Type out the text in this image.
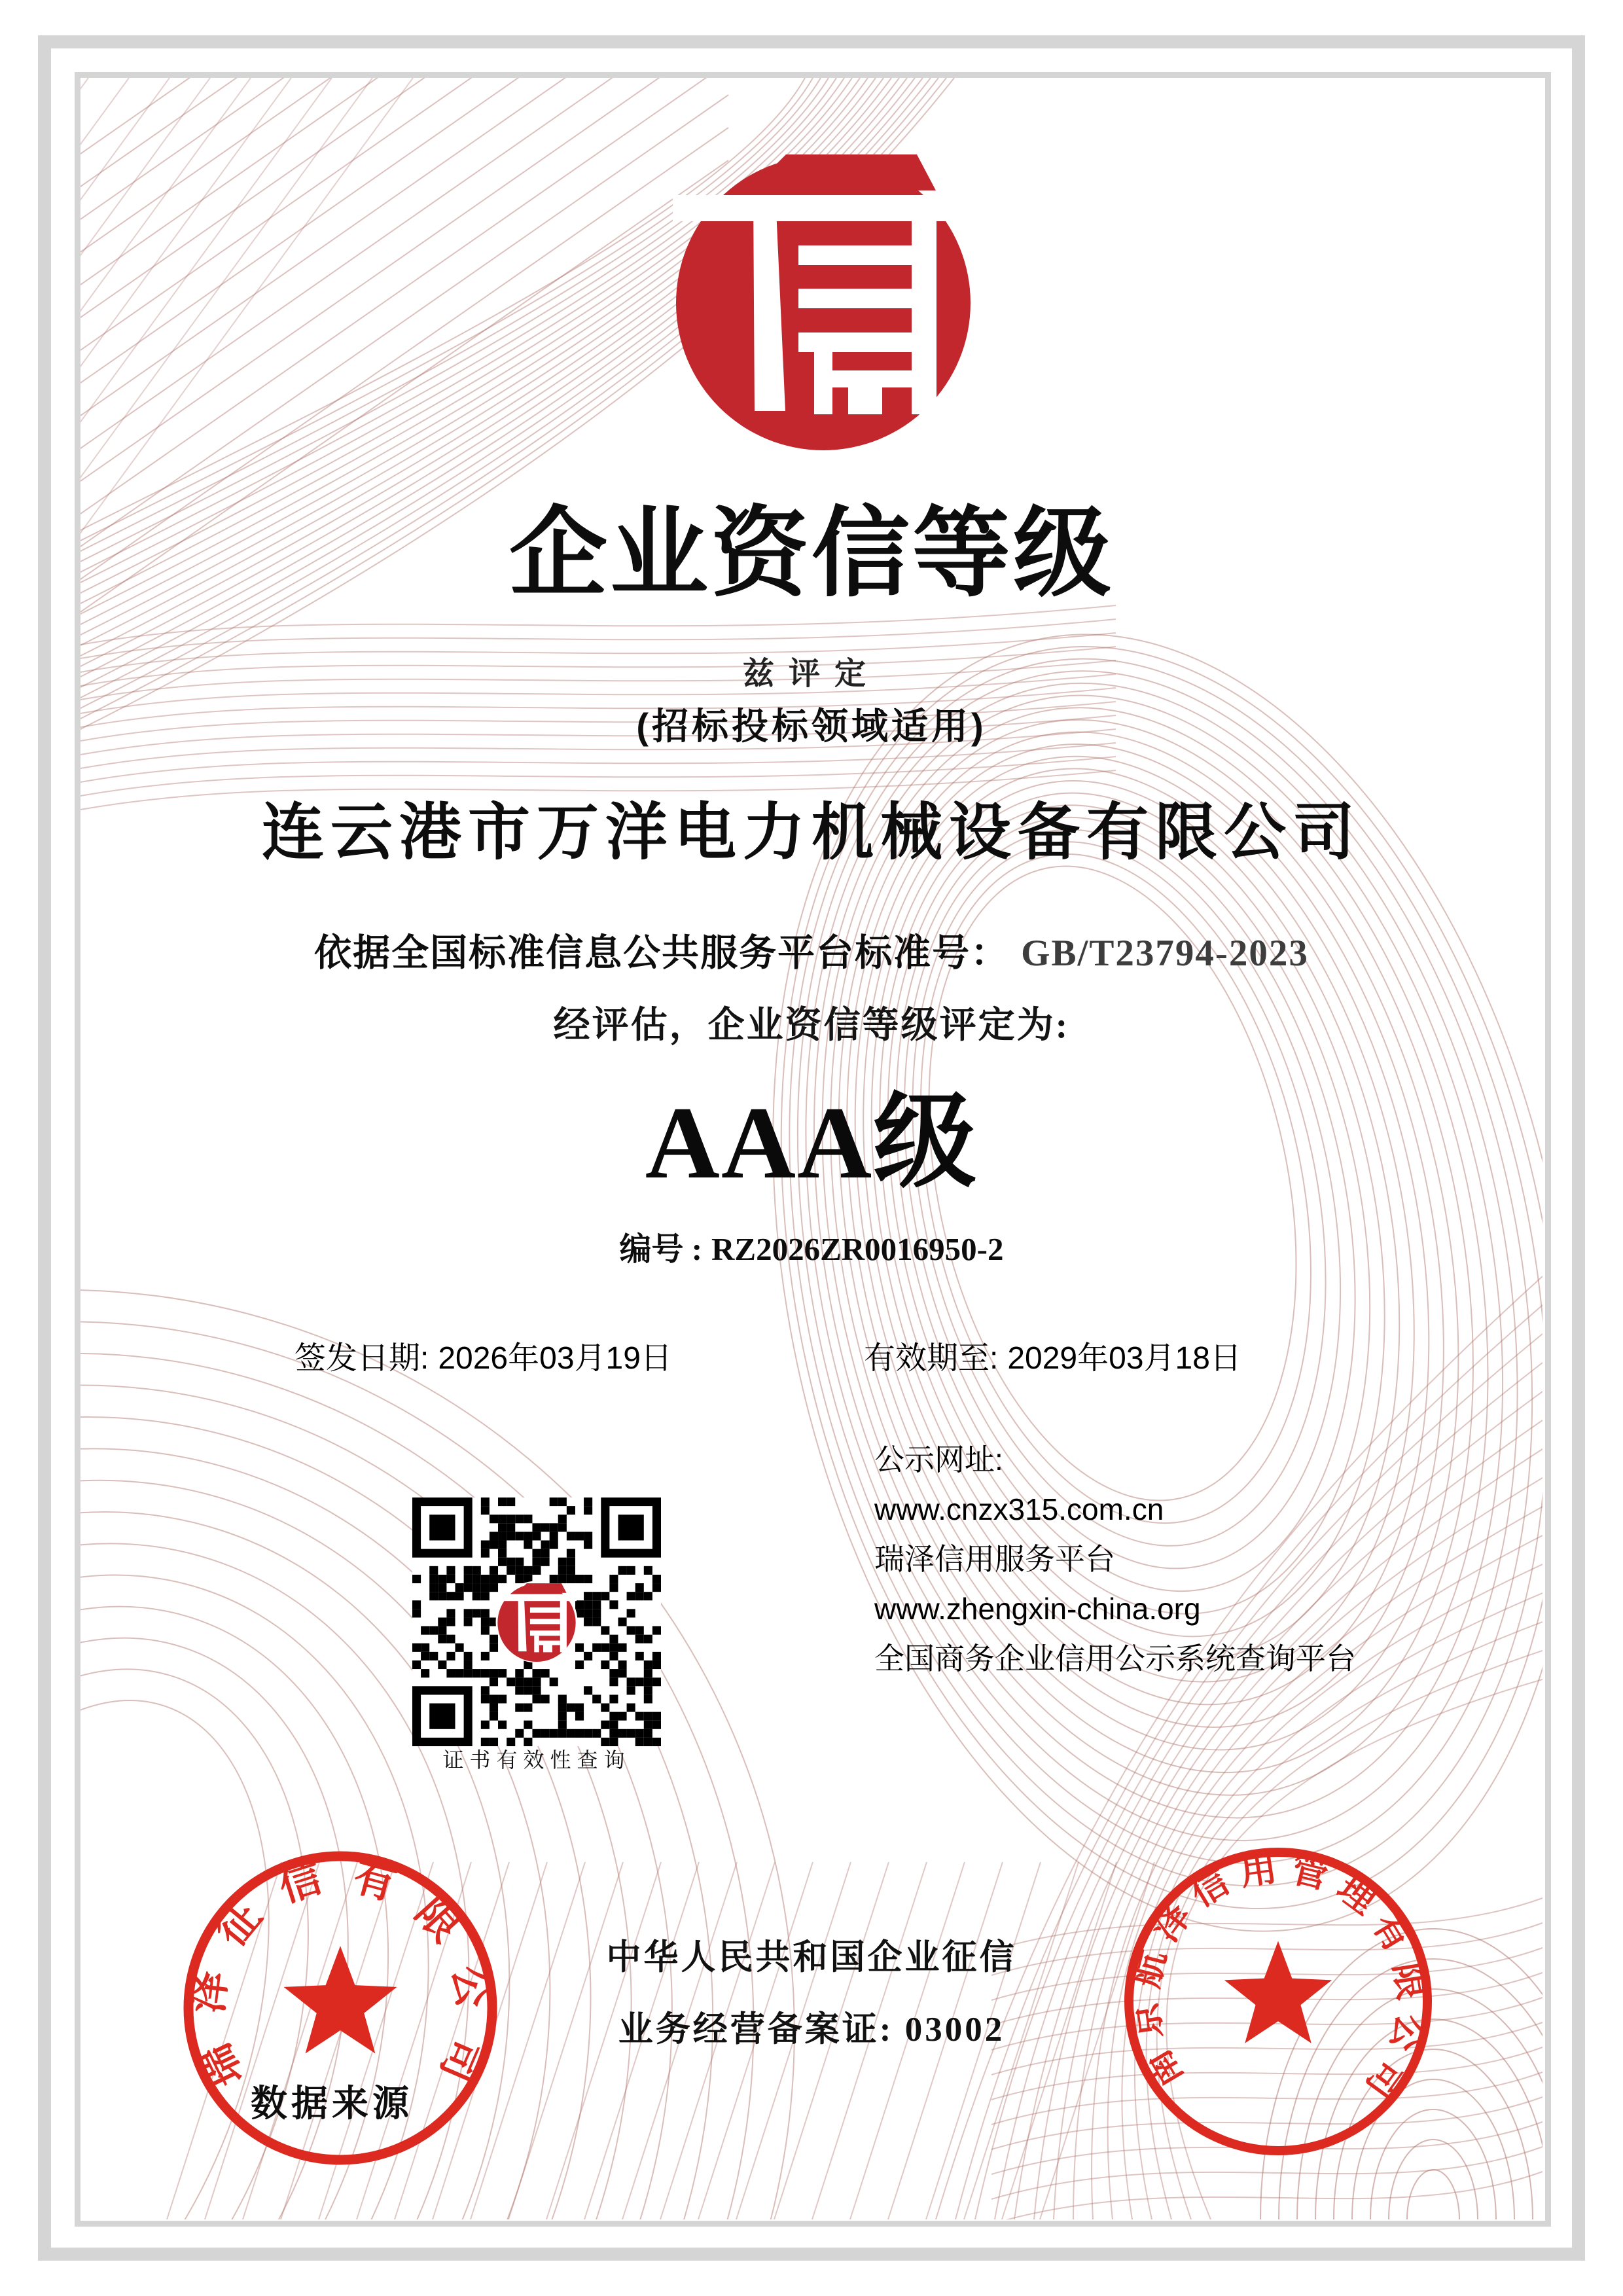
企业资信等级
兹评定
(招标投标领域适用)
连云港市万洋电力机械设备有限公司
依据全国标准信息公共服务平台标准号： GB/T23794-2023
经评估，企业资信等级评定为:
AAA级
编号 : RZ2026ZR0016950-2
签发日期: 2026年03月19日	有效期至: 2029年03月18日
公示网址:
www.cnzx315.com.cn
瑞泽信用服务平台
www.zhengxin-china.org
全国商务企业信用公示系统查询平台
证书有效性查询
瑞泽征信有限公司
数据来源
南京航泽信用管理有限公司
中华人民共和国企业征信
业务经营备案证: 03002
